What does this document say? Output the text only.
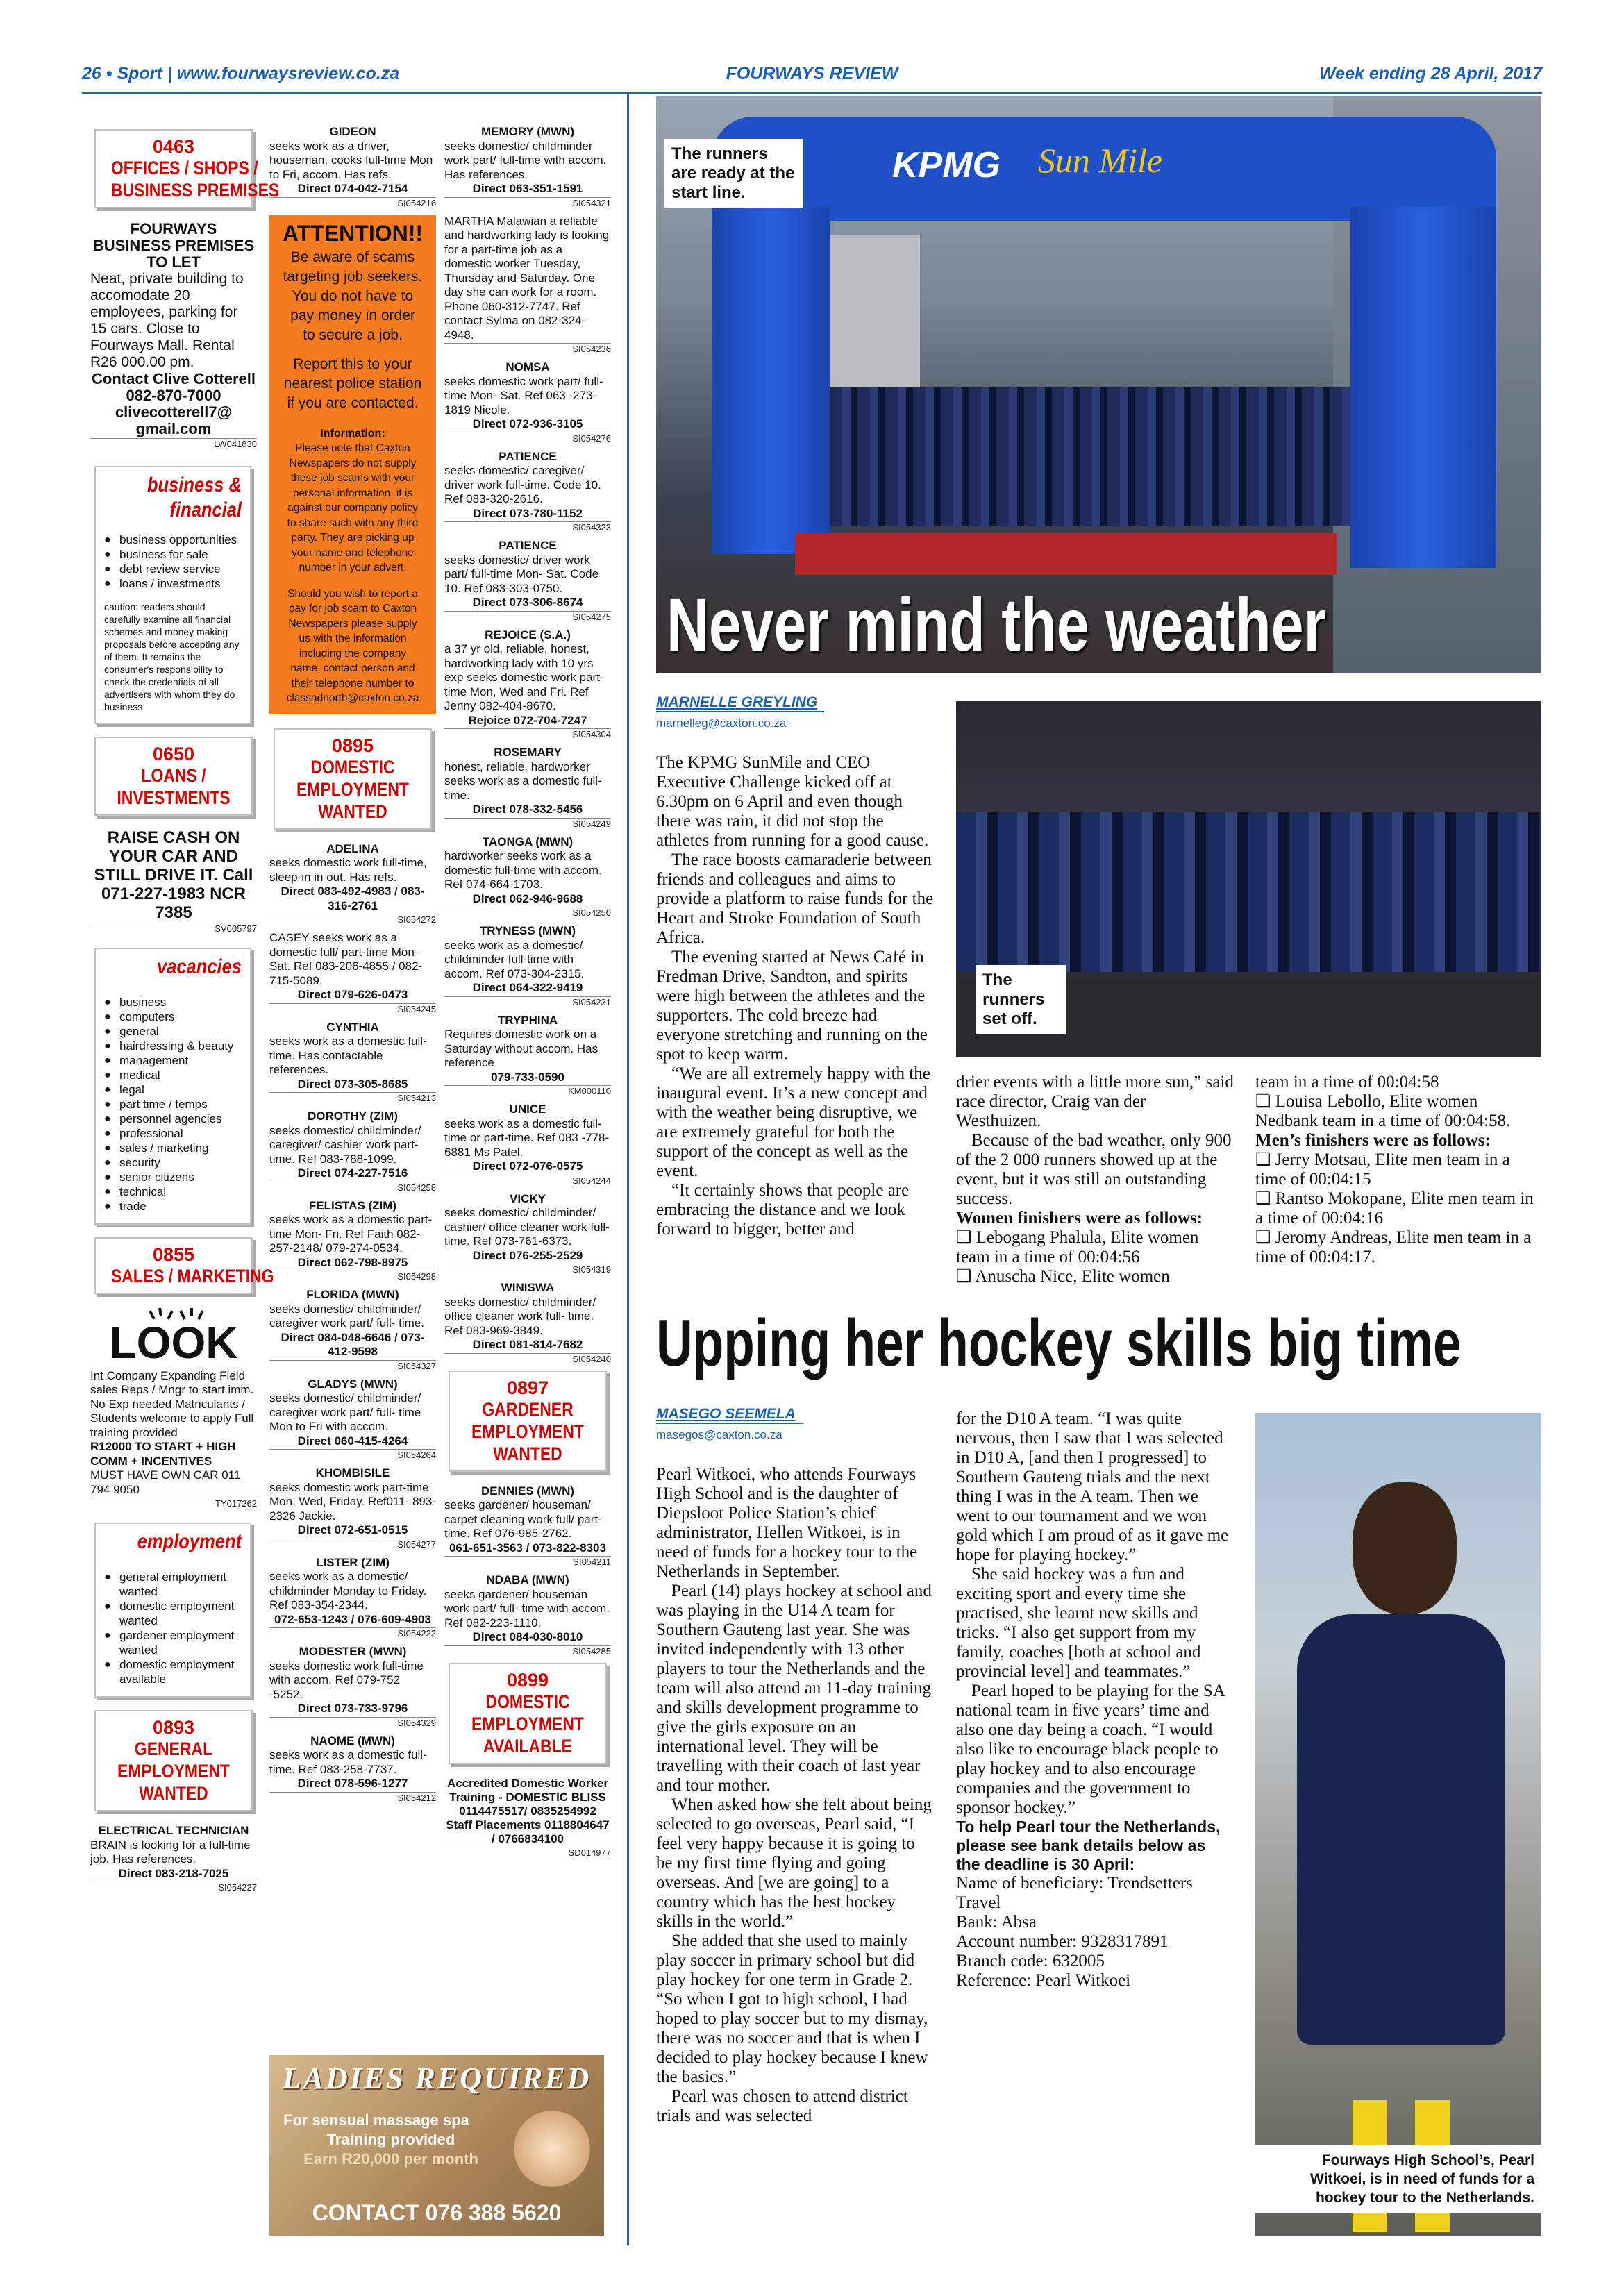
26 • Sport | www.fourwaysreview.co.za	FOURWAYS REVIEW	Week ending 28 April, 2017
0463
OFFICES / SHOPS /
BUSINESS PREMISES
FOURWAYS BUSINESS PREMISES TO LET
Neat, private building to accomodate 20 employees, parking for 15 cars. Close to Fourways Mall. Rental R26 000.00 pm.
Contact Clive Cotterell 082-870-7000 clivecotterell7@ gmail.com
LW041830
business &
financial
● business opportunities
● business for sale
● debt review service
● loans / investments
caution: readers should carefully examine all financial schemes and money making proposals before accepting any of them. It remains the consumer's responsibility to check the credentials of all advertisers with whom they do business
0650
LOANS /
INVESTMENTS
RAISE CASH ON YOUR CAR AND STILL DRIVE IT. Call 071-227-1983 NCR 7385
SV005797
vacancies
● business
● computers
● general
● hairdressing & beauty
● management
● medical
● legal
● part time / temps
● personnel agencies
● professional
● sales / marketing
● security
● senior citizens
● technical
● trade
0855
SALES / MARKETING
LOOK
Int Company Expanding Field sales Reps / Mngr to start imm. No Exp needed Matriculants / Students welcome to apply Full training provided
R12000 TO START + HIGH COMM + INCENTIVES
MUST HAVE OWN CAR 011 794 9050
TY017262
employment
● general employment wanted
● domestic employment wanted
● gardener employment wanted
● domestic employment available
0893
GENERAL
EMPLOYMENT
WANTED
ELECTRICAL TECHNICIAN
BRAIN is looking for a full-time job. Has references.
Direct 083-218-7025
SI054227
GIDEON
seeks work as a driver, houseman, cooks full-time Mon to Fri, accom. Has refs.
Direct 074-042-7154
SI054216
ATTENTION!!
Be aware of scams
targeting job seekers.
You do not have to
pay money in order
to secure a job.
Report this to your
nearest police station
if you are contacted.
Information:
Please note that Caxton
Newspapers do not supply
these job scams with your
personal information, it is
against our company policy
to share such with any third
party. They are picking up
your name and telephone
number in your advert.
Should you wish to report a
pay for job scam to Caxton
Newspapers please supply
us with the information
including the company
name, contact person and
their telephone number to
classadnorth@caxton.co.za
0895
DOMESTIC
EMPLOYMENT
WANTED
ADELINA
seeks domestic work full-time, sleep-in in out. Has refs.
Direct 083-492-4983 / 083-316-2761
SI054272
CASEY seeks work as a domestic full/ part-time Mon- Sat. Ref 083-206-4855 / 082-715-5089.
Direct 079-626-0473
SI054245
CYNTHIA
seeks work as a domestic full-time. Has contactable references.
Direct 073-305-8685
SI054213
DOROTHY (ZIM)
seeks domestic/ childminder/ caregiver/ cashier work part-time. Ref 083-788-1099.
Direct 074-227-7516
SI054258
FELISTAS (ZIM)
seeks work as a domestic part-time Mon- Fri. Ref Faith 082-257-2148/ 079-274-0534.
Direct 062-798-8975
SI054298
FLORIDA (MWN)
seeks domestic/ childminder/ caregiver work part/ full- time.
Direct 084-048-6646 / 073-412-9598
SI054327
GLADYS (MWN)
seeks domestic/ childminder/ caregiver work part/ full- time Mon to Fri with accom.
Direct 060-415-4264
SI054264
KHOMBISILE
seeks domestic work part-time Mon, Wed, Friday. Ref011- 893-2326 Jackie.
Direct 072-651-0515
SI054277
LISTER (ZIM)
seeks work as a domestic/ childminder Monday to Friday. Ref 083-354-2344.
072-653-1243 / 076-609-4903
SI054222
MODESTER (MWN)
seeks domestic work full-time with accom. Ref 079-752 -5252.
Direct 073-733-9796
SI054329
NAOME (MWN)
seeks work as a domestic full-time. Ref 083-258-7737.
Direct 078-596-1277
SI054212
LADIES REQUIRED
For sensual massage spa
Training provided
Earn R20,000 per month
CONTACT 076 388 5620
MEMORY (MWN)
seeks domestic/ childminder work part/ full-time with accom. Has references.
Direct 063-351-1591
SI054321
MARTHA Malawian a reliable and hardworking lady is looking for a part-time job as a domestic worker Tuesday, Thursday and Saturday. One day she can work for a room. Phone 060-312-7747. Ref contact Sylma on 082-324-4948.
SI054236
NOMSA
seeks domestic work part/ full-time Mon- Sat. Ref 063 -273-1819 Nicole.
Direct 072-936-3105
SI054276
PATIENCE
seeks domestic/ caregiver/ driver work full-time. Code 10. Ref 083-320-2616.
Direct 073-780-1152
SI054323
PATIENCE
seeks domestic/ driver work part/ full-time Mon- Sat. Code 10. Ref 083-303-0750.
Direct 073-306-8674
SI054275
REJOICE (S.A.)
a 37 yr old, reliable, honest, hardworking lady with 10 yrs exp seeks domestic work part-time Mon, Wed and Fri. Ref Jenny 082-404-8670.
Rejoice 072-704-7247
SI054304
ROSEMARY
honest, reliable, hardworker seeks work as a domestic full-time.
Direct 078-332-5456
SI054249
TAONGA (MWN)
hardworker seeks work as a domestic full-time with accom. Ref 074-664-1703.
Direct 062-946-9688
SI054250
TRYNESS (MWN)
seeks work as a domestic/ childminder full-time with accom. Ref 073-304-2315.
Direct 064-322-9419
SI054231
TRYPHINA
Requires domestic work on a Saturday without accom. Has reference
079-733-0590
KM000110
UNICE
seeks work as a domestic full-time or part-time. Ref 083 -778-6881 Ms Patel.
Direct 072-076-0575
SI054244
VICKY
seeks domestic/ childminder/ cashier/ office cleaner work full-time. Ref 073-761-6373.
Direct 076-255-2529
SI054319
WINISWA
seeks domestic/ childminder/ office cleaner work full- time. Ref 083-969-3849.
Direct 081-814-7682
SI054240
0897
GARDENER
EMPLOYMENT
WANTED
DENNIES (MWN)
seeks gardener/ houseman/ carpet cleaning work full/ part- time. Ref 076-985-2762.
061-651-3563 / 073-822-8303
SI054211
NDABA (MWN)
seeks gardener/ houseman work part/ full- time with accom. Ref 082-223-1110.
Direct 084-030-8010
SI054285
0899
DOMESTIC
EMPLOYMENT
AVAILABLE
Accredited Domestic Worker Training - DOMESTIC BLISS 0114475517/ 0835254992 Staff Placements 0118804647 / 0766834100
SD014977
KPMG Sun Mile
The runners are ready at the start line.
Never mind the weather
MARNELLE GREYLING
marnelleg@caxton.co.za
The runners set off.

The KPMG SunMile and CEO Executive Challenge kicked off at 6.30pm on 6 April and even though there was rain, it did not stop the athletes from running for a good cause.

The race boosts camaraderie between friends and colleagues and aims to provide a platform to raise funds for the Heart and Stroke Foundation of South Africa.

The evening started at News Café in Fredman Drive, Sandton, and spirits were high between the athletes and the supporters. The cold breeze had everyone stretching and running on the spot to keep warm.

“We are all extremely happy with the inaugural event. It’s a new concept and with the weather being disruptive, we are extremely grateful for both the support of the concept as well as the event.

“It certainly shows that people are embracing the distance and we look forward to bigger, better and

drier events with a little more sun,” said race director, Craig van der Westhuizen.

Because of the bad weather, only 900 of the 2 000 runners showed up at the event, but it was still an outstanding success.

Women finishers were as follows:
❑ Lebogang Phalula, Elite women team in a time of 00:04:56
❑ Anuscha Nice, Elite women
team in a time of 00:04:58
❑ Louisa Lebollo, Elite women Nedbank team in a time of 00:04:58.
Men’s finishers were as follows:
❑ Jerry Motsau, Elite men team in a time of 00:04:15
❑ Rantso Mokopane, Elite men team in a time of 00:04:16
❑ Jeromy Andreas, Elite men team in a time of 00:04:17.
Upping her hockey skills big time
MASEGO SEEMELA
masegos@caxton.co.za

Pearl Witkoei, who attends Fourways High School and is the daughter of Diepsloot Police Station’s chief administrator, Hellen Witkoei, is in need of funds for a hockey tour to the Netherlands in September.

Pearl (14) plays hockey at school and was playing in the U14 A team for Southern Gauteng last year. She was invited independently with 13 other players to tour the Netherlands and the team will also attend an 11-day training and skills development programme to give the girls exposure on an international level. They will be travelling with their coach of last year and tour mother.

When asked how she felt about being selected to go overseas, Pearl said, “I feel very happy because it is going to be my first time flying and going overseas. And [we are going] to a country which has the best hockey skills in the world.”

She added that she used to mainly play soccer in primary school but did play hockey for one term in Grade 2. “So when I got to high school, I had hoped to play soccer but to my dismay, there was no soccer and that is when I decided to play hockey because I knew the basics.”

Pearl was chosen to attend district trials and was selected

for the D10 A team. “I was quite nervous, then I saw that I was selected in D10 A, [and then I progressed] to Southern Gauteng trials and the next thing I was in the A team. Then we went to our tournament and we won gold which I am proud of as it gave me hope for playing hockey.”

She said hockey was a fun and exciting sport and every time she practised, she learnt new skills and tricks. “I also get support from my family, coaches [both at school and provincial level] and teammates.”

Pearl hoped to be playing for the SA national team in five years’ time and also one day being a coach. “I would also like to encourage black people to play hockey and to also encourage companies and the government to sponsor hockey.”

To help Pearl tour the Netherlands, please see bank details below as the deadline is 30 April:
Name of beneficiary: Trendsetters Travel
Bank: Absa
Account number: 9328317891
Branch code: 632005
Reference: Pearl Witkoei
Fourways High School’s, Pearl Witkoei, is in need of funds for a hockey tour to the Netherlands.
